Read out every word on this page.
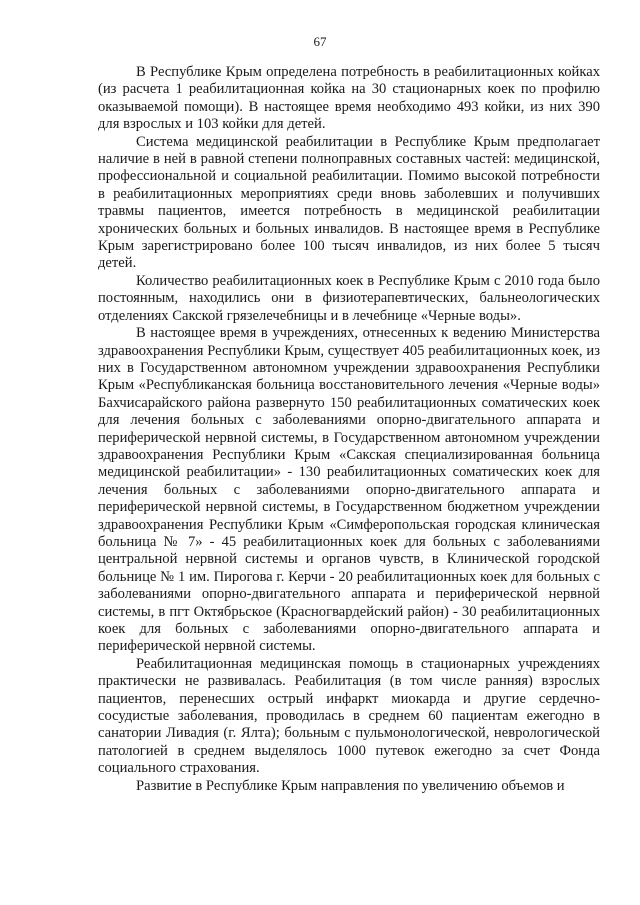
67

В Республике Крым определена потребность в реабилитационных койках (из расчета 1 реабилитационная койка на 30 стационарных коек по профилю оказываемой помощи). В настоящее время необходимо 493 койки, из них 390 для взрослых и 103 койки для детей.

Система медицинской реабилитации в Республике Крым предполагает наличие в ней в равной степени полноправных составных частей: медицинской, профессиональной и социальной реабилитации. Помимо высокой потребности в реабилитационных мероприятиях среди вновь заболевших и получивших травмы пациентов, имеется потребность в медицинской реабилитации хронических больных и больных инвалидов. В настоящее время в Республике Крым зарегистрировано более 100 тысяч инвалидов, из них более 5 тысяч детей.

Количество реабилитационных коек в Республике Крым с 2010 года было постоянным, находились они в физиотерапевтических, бальнеологических отделениях Сакской грязелечебницы и в лечебнице «Черные воды».

В настоящее время в учреждениях, отнесенных к ведению Министерства здравоохранения Республики Крым, существует 405 реабилитационных коек, из них в Государственном автономном учреждении здравоохранения Республики Крым «Республиканская больница восстановительного лечения «Черные воды» Бахчисарайского района развернуто 150 реабилитационных соматических коек для лечения больных с заболеваниями опорно-двигательного аппарата и периферической нервной системы, в Государственном автономном учреждении здравоохранения Республики Крым «Сакская специализированная больница медицинской реабилитации» - 130 реабилитационных соматических коек для лечения больных с заболеваниями опорно-двигательного аппарата и периферической нервной системы, в Государственном бюджетном учреждении здравоохранения Республики Крым «Симферопольская городская клиническая больница № 7» - 45 реабилитационных коек для больных с заболеваниями центральной нервной системы и органов чувств, в Клинической городской больнице № 1 им. Пирогова г. Керчи - 20 реабилитационных коек для больных с заболеваниями опорно-двигательного аппарата и периферической нервной системы, в пгт Октябрьское (Красногвардейский район) - 30 реабилитационных коек для больных с заболеваниями опорно-двигательного аппарата и периферической нервной системы.

Реабилитационная медицинская помощь в стационарных учреждениях практически не развивалась. Реабилитация (в том числе ранняя) взрослых пациентов, перенесших острый инфаркт миокарда и другие сердечно-сосудистые заболевания, проводилась в среднем 60 пациентам ежегодно в санатории Ливадия (г. Ялта); больным с пульмонологической, неврологической патологией в среднем выделялось 1000 путевок ежегодно за счет Фонда социального страхования.

Развитие в Республике Крым направления по увеличению объемов и
